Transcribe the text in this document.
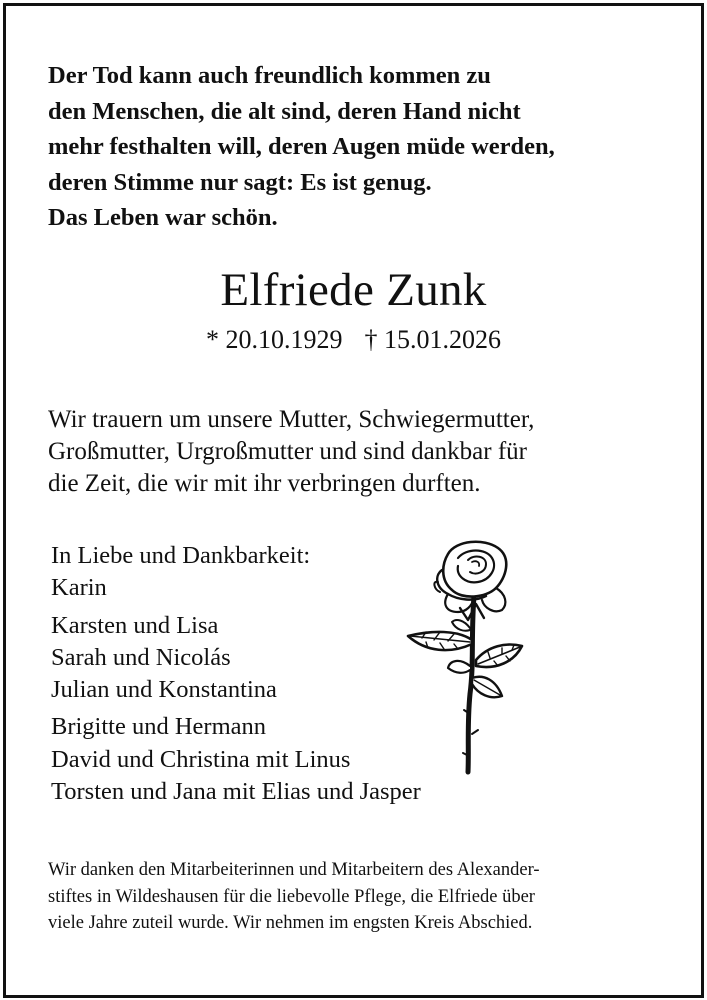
Der Tod kann auch freundlich kommen zu
den Menschen, die alt sind, deren Hand nicht
mehr festhalten will, deren Augen müde werden,
deren Stimme nur sagt: Es ist genug.
Das Leben war schön.
Elfriede Zunk
* 20.10.1929 † 15.01.2026
Wir trauern um unsere Mutter, Schwiegermutter,
Großmutter, Urgroßmutter und sind dankbar für
die Zeit, die wir mit ihr verbringen durften.
In Liebe und Dankbarkeit:
Karin
Karsten und Lisa
Sarah und Nicolás
Julian und Konstantina
Brigitte und Hermann
David und Christina mit Linus
Torsten und Jana mit Elias und Jasper
Wir danken den Mitarbeiterinnen und Mitarbeitern des Alexander-
stiftes in Wildeshausen für die liebevolle Pflege, die Elfriede über
viele Jahre zuteil wurde. Wir nehmen im engsten Kreis Abschied.
